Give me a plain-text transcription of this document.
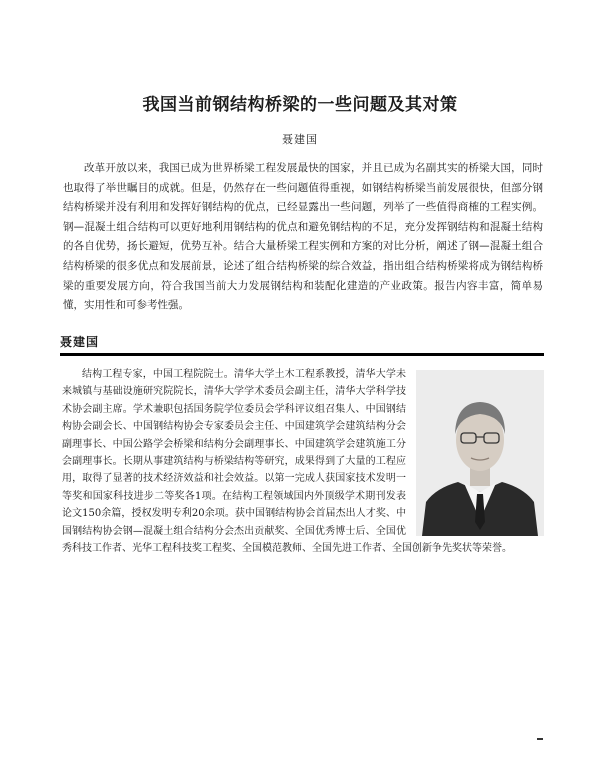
我国当前钢结构桥梁的一些问题及其对策
聂建国

改革开放以来，我国已成为世界桥梁工程发展最快的国家，并且已成为名副其实的桥梁大国，同时也取得了举世瞩目的成就。但是，仍然存在一些问题值得重视，如钢结构桥梁当前发展很快，但部分钢结构桥梁并没有利用和发挥好钢结构的优点，已经显露出一些问题，列举了一些值得商榷的工程实例。钢—混凝土组合结构可以更好地利用钢结构的优点和避免钢结构的不足，充分发挥钢结构和混凝土结构的各自优势，扬长避短，优势互补。结合大量桥梁工程实例和方案的对比分析，阐述了钢—混凝土组合结构桥梁的很多优点和发展前景，论述了组合结构桥梁的综合效益，指出组合结构桥梁将成为钢结构桥梁的重要发展方向，符合我国当前大力发展钢结构和装配化建造的产业政策。报告内容丰富，简单易懂，实用性和可参考性强。

聂建国

结构工程专家，中国工程院院士。清华大学土木工程系教授，清华大学未来城镇与基础设施研究院院长，清华大学学术委员会副主任，清华大学科学技术协会副主席。学术兼职包括国务院学位委员会学科评议组召集人、中国钢结构协会副会长、中国钢结构协会专家委员会主任、中国建筑学会建筑结构分会副理事长、中国公路学会桥梁和结构分会副理事长、中国建筑学会建筑施工分会副理事长。长期从事建筑结构与桥梁结构等研究，成果得到了大量的工程应用，取得了显著的技术经济效益和社会效益。以第一完成人获国家技术发明一等奖和国家科技进步二等奖各1项。在结构工程领域国内外顶级学术期刊发表论文150余篇，授权发明专利20余项。获中国钢结构协会首届杰出人才奖、中国钢结构协会钢—混凝土组合结构分会杰出贡献奖、全国优秀博士后、全国优秀科技工作者、光华工程科技奖工程奖、全国模范教师、全国先进工作者、全国创新争先奖状等荣誉。
